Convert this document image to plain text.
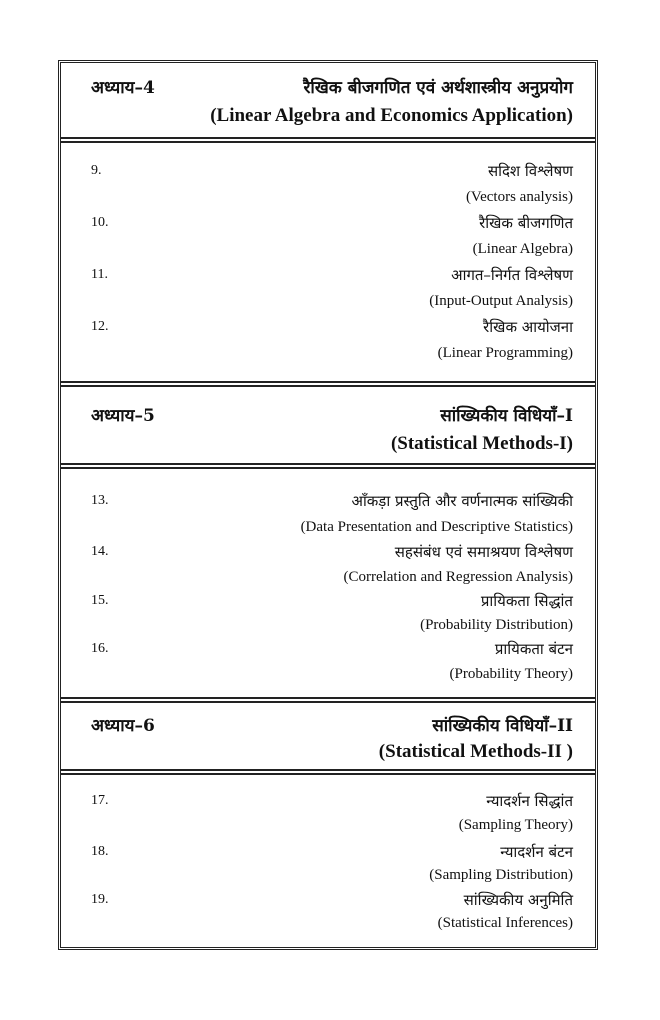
अध्याय–4	रैखिक बीजगणित एवं अर्थशास्त्रीय अनुप्रयोग
(Linear Algebra and Economics Application)
9.	सदिश विश्लेषण
(Vectors analysis)
10.	रैखिक बीजगणित
(Linear Algebra)
11.	आगत–निर्गत विश्लेषण
(Input-Output Analysis)
12.	रैखिक आयोजना
(Linear Programming)
अध्याय–5	सांख्यिकीय विधियाँ–I
(Statistical Methods-I)
13.	आँकड़ा प्रस्तुति और वर्णनात्मक सांख्यिकी
(Data Presentation and Descriptive Statistics)
14.	सहसंबंध एवं समाश्रयण विश्लेषण
(Correlation and Regression Analysis)
15.	प्रायिकता सिद्धांत
(Probability Distribution)
16.	प्रायिकता बंटन
(Probability Theory)
अध्याय–6	सांख्यिकीय विधियाँ–II
(Statistical Methods-II )
17.	न्यादर्शन सिद्धांत
(Sampling Theory)
18.	न्यादर्शन बंटन
(Sampling Distribution)
19.	सांख्यिकीय अनुमिति
(Statistical Inferences)
